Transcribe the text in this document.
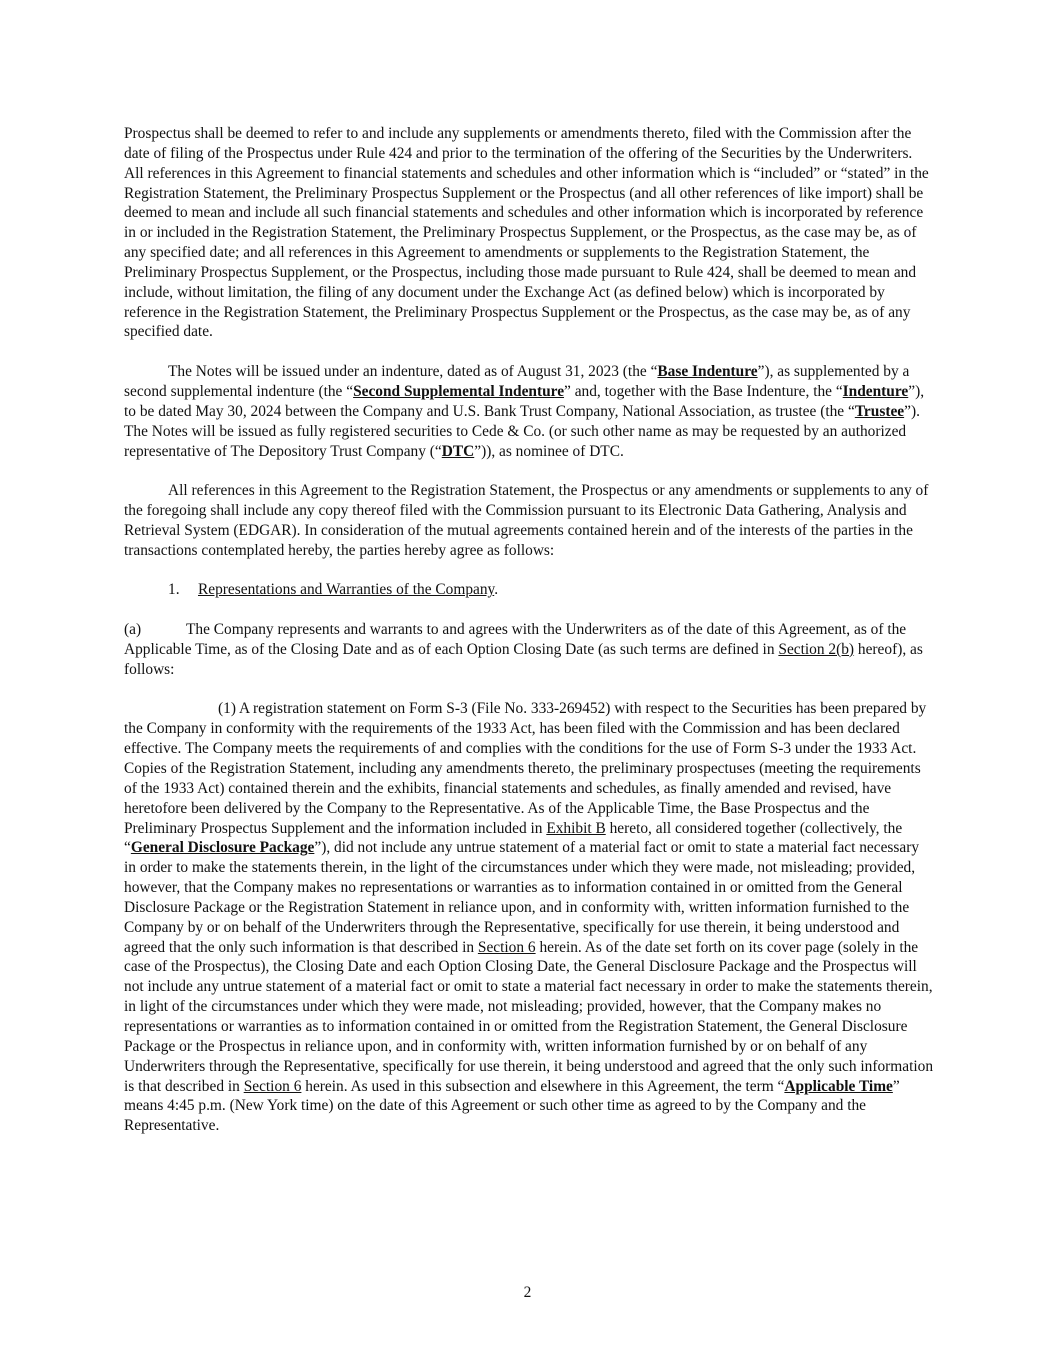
Prospectus shall be deemed to refer to and include any supplements or amendments thereto, filed with the Commission after the date of filing of the Prospectus under Rule 424 and prior to the termination of the offering of the Securities by the Underwriters. All references in this Agreement to financial statements and schedules and other information which is “included” or “stated” in the Registration Statement, the Preliminary Prospectus Supplement or the Prospectus (and all other references of like import) shall be deemed to mean and include all such financial statements and schedules and other information which is incorporated by reference in or included in the Registration Statement, the Preliminary Prospectus Supplement, or the Prospectus, as the case may be, as of any specified date; and all references in this Agreement to amendments or supplements to the Registration Statement, the Preliminary Prospectus Supplement, or the Prospectus, including those made pursuant to Rule 424, shall be deemed to mean and include, without limitation, the filing of any document under the Exchange Act (as defined below) which is incorporated by reference in the Registration Statement, the Preliminary Prospectus Supplement or the Prospectus, as the case may be, as of any specified date.

The Notes will be issued under an indenture, dated as of August 31, 2023 (the “Base Indenture”), as supplemented by a second supplemental indenture (the “Second Supplemental Indenture” and, together with the Base Indenture, the “Indenture”), to be dated May 30, 2024 between the Company and U.S. Bank Trust Company, National Association, as trustee (the “Trustee”). The Notes will be issued as fully registered securities to Cede & Co. (or such other name as may be requested by an authorized representative of The Depository Trust Company (“DTC”)), as nominee of DTC.

All references in this Agreement to the Registration Statement, the Prospectus or any amendments or supplements to any of the foregoing shall include any copy thereof filed with the Commission pursuant to its Electronic Data Gathering, Analysis and Retrieval System (EDGAR). In consideration of the mutual agreements contained herein and of the interests of the parties in the transactions contemplated hereby, the parties hereby agree as follows:

1. Representations and Warranties of the Company.

(a)	The Company represents and warrants to and agrees with the Underwriters as of the date of this Agreement, as of the Applicable Time, as of the Closing Date and as of each Option Closing Date (as such terms are defined in Section 2(b) hereof), as follows:

(1) A registration statement on Form S-3 (File No. 333-269452) with respect to the Securities has been prepared by the Company in conformity with the requirements of the 1933 Act, has been filed with the Commission and has been declared effective. The Company meets the requirements of and complies with the conditions for the use of Form S-3 under the 1933 Act. Copies of the Registration Statement, including any amendments thereto, the preliminary prospectuses (meeting the requirements of the 1933 Act) contained therein and the exhibits, financial statements and schedules, as finally amended and revised, have heretofore been delivered by the Company to the Representative. As of the Applicable Time, the Base Prospectus and the Preliminary Prospectus Supplement and the information included in Exhibit B hereto, all considered together (collectively, the “General Disclosure Package”), did not include any untrue statement of a material fact or omit to state a material fact necessary in order to make the statements therein, in the light of the circumstances under which they were made, not misleading; provided, however, that the Company makes no representations or warranties as to information contained in or omitted from the General Disclosure Package or the Registration Statement in reliance upon, and in conformity with, written information furnished to the Company by or on behalf of the Underwriters through the Representative, specifically for use therein, it being understood and agreed that the only such information is that described in Section 6 herein. As of the date set forth on its cover page (solely in the case of the Prospectus), the Closing Date and each Option Closing Date, the General Disclosure Package and the Prospectus will not include any untrue statement of a material fact or omit to state a material fact necessary in order to make the statements therein, in light of the circumstances under which they were made, not misleading; provided, however, that the Company makes no representations or warranties as to information contained in or omitted from the Registration Statement, the General Disclosure Package or the Prospectus in reliance upon, and in conformity with, written information furnished by or on behalf of any Underwriters through the Representative, specifically for use therein, it being understood and agreed that the only such information is that described in Section 6 herein. As used in this subsection and elsewhere in this Agreement, the term “Applicable Time” means 4:45 p.m. (New York time) on the date of this Agreement or such other time as agreed to by the Company and the Representative.

2
